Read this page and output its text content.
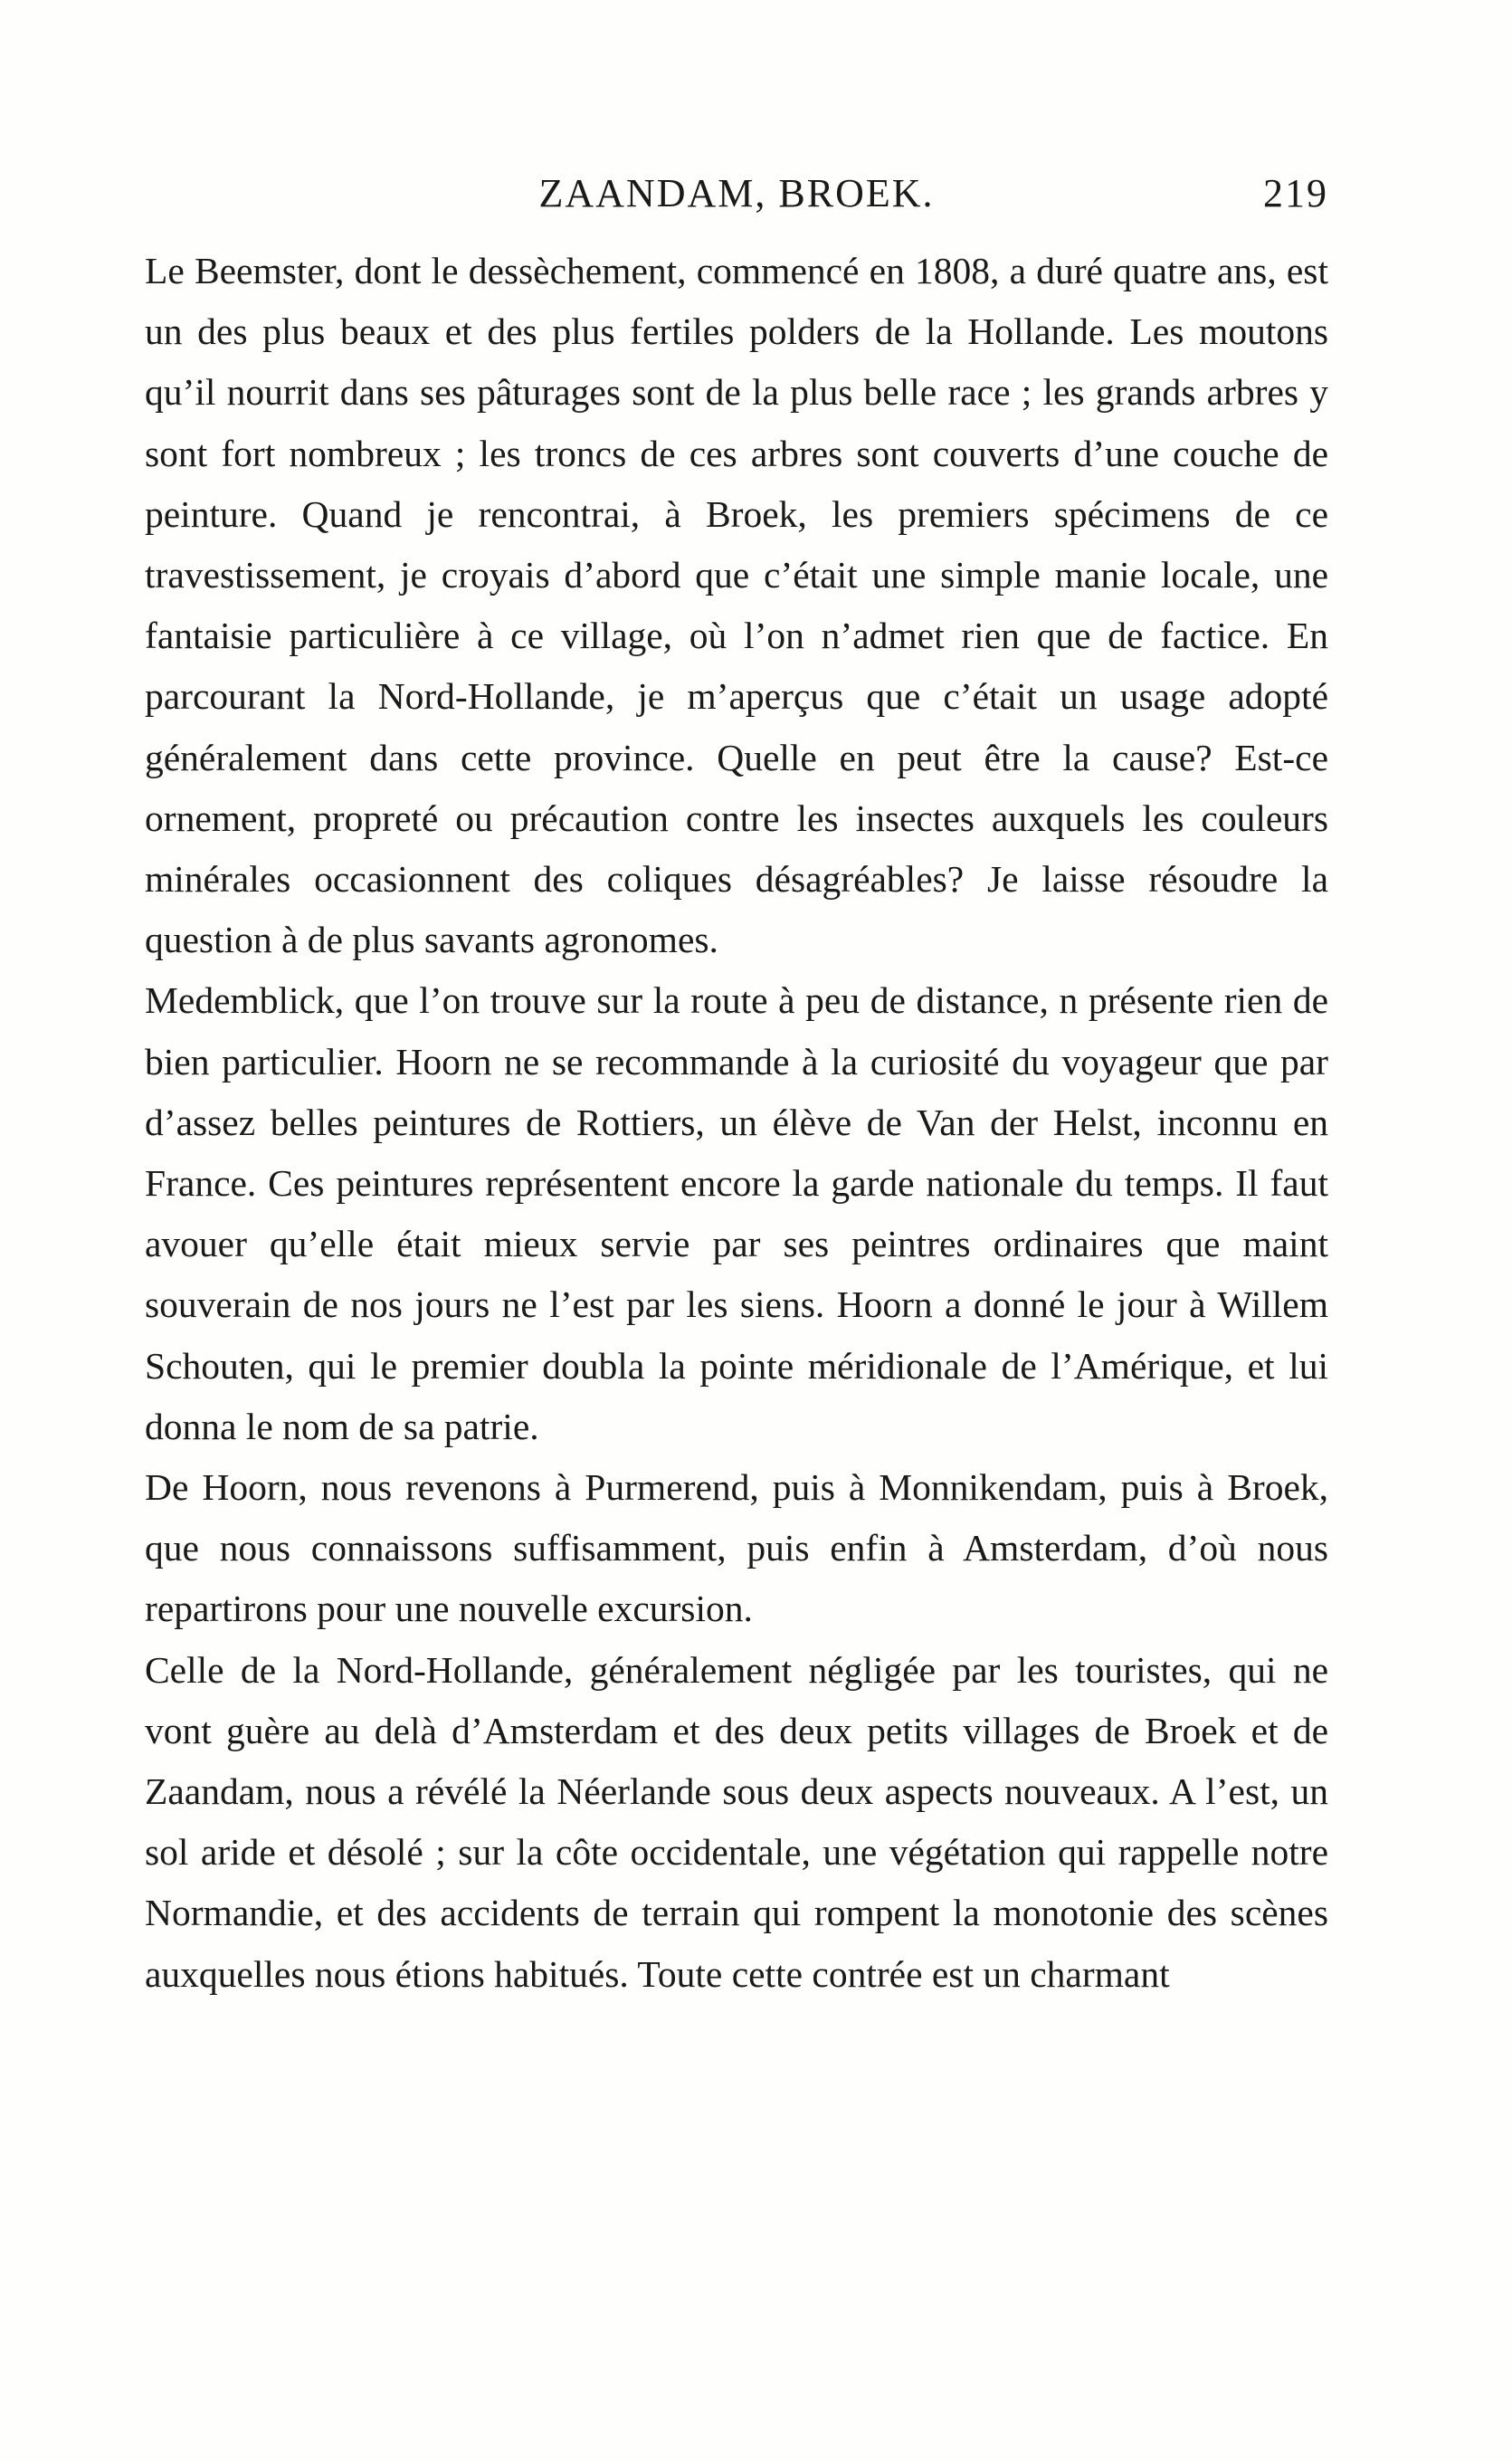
ZAANDAM, BROEK.	219

Le Beemster, dont le dessèchement, commencé en 1808, a duré quatre ans, est un des plus beaux et des plus fertiles polders de la Hollande. Les moutons qu’il nourrit dans ses pâturages sont de la plus belle race ; les grands arbres y sont fort nombreux ; les troncs de ces arbres sont couverts d’une couche de peinture. Quand je rencontrai, à Broek, les premiers spécimens de ce travestissement, je croyais d’abord que c’était une simple manie locale, une fantaisie particulière à ce village, où l’on n’admet rien que de factice. En parcourant la Nord-Hollande, je m’aperçus que c’était un usage adopté généralement dans cette province. Quelle en peut être la cause? Est-ce ornement, propreté ou précaution contre les insectes auxquels les couleurs minérales occasionnent des coliques désagréables? Je laisse résoudre la question à de plus savants agronomes.

Medemblick, que l’on trouve sur la route à peu de distance, n présente rien de bien particulier. Hoorn ne se recommande à la curiosité du voyageur que par d’assez belles peintures de Rottiers, un élève de Van der Helst, inconnu en France. Ces peintures représentent encore la garde nationale du temps. Il faut avouer qu’elle était mieux servie par ses peintres ordinaires que maint souverain de nos jours ne l’est par les siens. Hoorn a donné le jour à Willem Schouten, qui le premier doubla la pointe méridionale de l’Amérique, et lui donna le nom de sa patrie.

De Hoorn, nous revenons à Purmerend, puis à Monnikendam, puis à Broek, que nous connaissons suffisamment, puis enfin à Amsterdam, d’où nous repartirons pour une nouvelle excursion.

Celle de la Nord-Hollande, généralement négligée par les touristes, qui ne vont guère au delà d’Amsterdam et des deux petits villages de Broek et de Zaandam, nous a révélé la Néerlande sous deux aspects nouveaux. A l’est, un sol aride et désolé ; sur la côte occidentale, une végétation qui rappelle notre Normandie, et des accidents de terrain qui rompent la monotonie des scènes auxquelles nous étions habitués. Toute cette contrée est un charmant
